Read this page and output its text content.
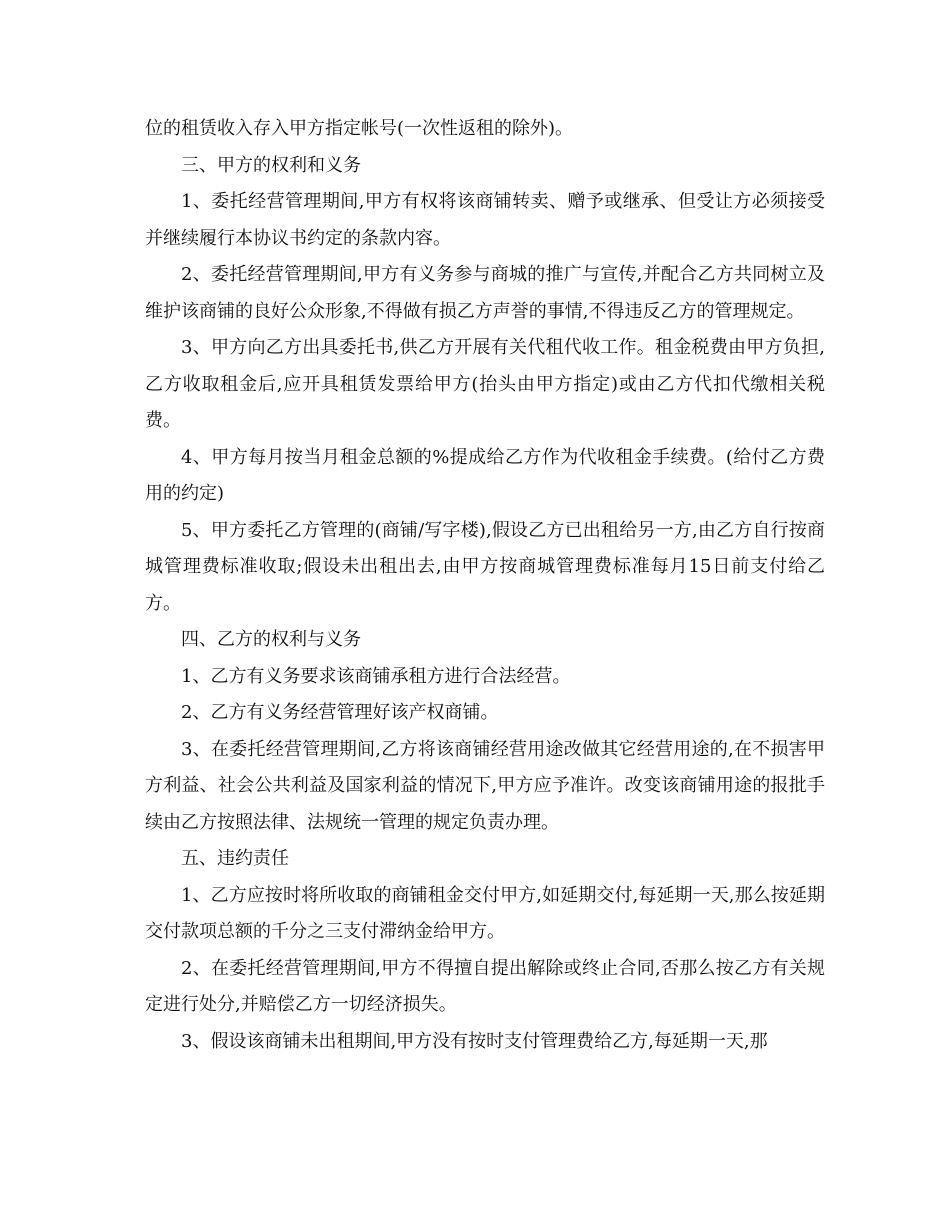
位的租赁收入存入甲方指定帐号(一次性返租的除外)。

三、甲方的权利和义务

1、委托经营管理期间,甲方有权将该商铺转卖、赠予或继承、但受让方必须接受并继续履行本协议书约定的条款内容。

2、委托经营管理期间,甲方有义务参与商城的推广与宣传,并配合乙方共同树立及维护该商铺的良好公众形象,不得做有损乙方声誉的事情,不得违反乙方的管理规定。

3、甲方向乙方出具委托书,供乙方开展有关代租代收工作。租金税费由甲方负担,乙方收取租金后,应开具租赁发票给甲方(抬头由甲方指定)或由乙方代扣代缴相关税费。

4、甲方每月按当月租金总额的%提成给乙方作为代收租金手续费。(给付乙方费用的约定)

5、甲方委托乙方管理的(商铺/写字楼),假设乙方已出租给另一方,由乙方自行按商城管理费标准收取;假设未出租出去,由甲方按商城管理费标准每月15日前支付给乙方。

四、乙方的权利与义务

1、乙方有义务要求该商铺承租方进行合法经营。

2、乙方有义务经营管理好该产权商铺。

3、在委托经营管理期间,乙方将该商铺经营用途改做其它经营用途的,在不损害甲方利益、社会公共利益及国家利益的情况下,甲方应予准许。改变该商铺用途的报批手续由乙方按照法律、法规统一管理的规定负责办理。

五、违约责任

1、乙方应按时将所收取的商铺租金交付甲方,如延期交付,每延期一天,那么按延期交付款项总额的千分之三支付滞纳金给甲方。

2、在委托经营管理期间,甲方不得擅自提出解除或终止合同,否那么按乙方有关规定进行处分,并赔偿乙方一切经济损失。

3、假设该商铺未出租期间,甲方没有按时支付管理费给乙方,每延期一天,那
